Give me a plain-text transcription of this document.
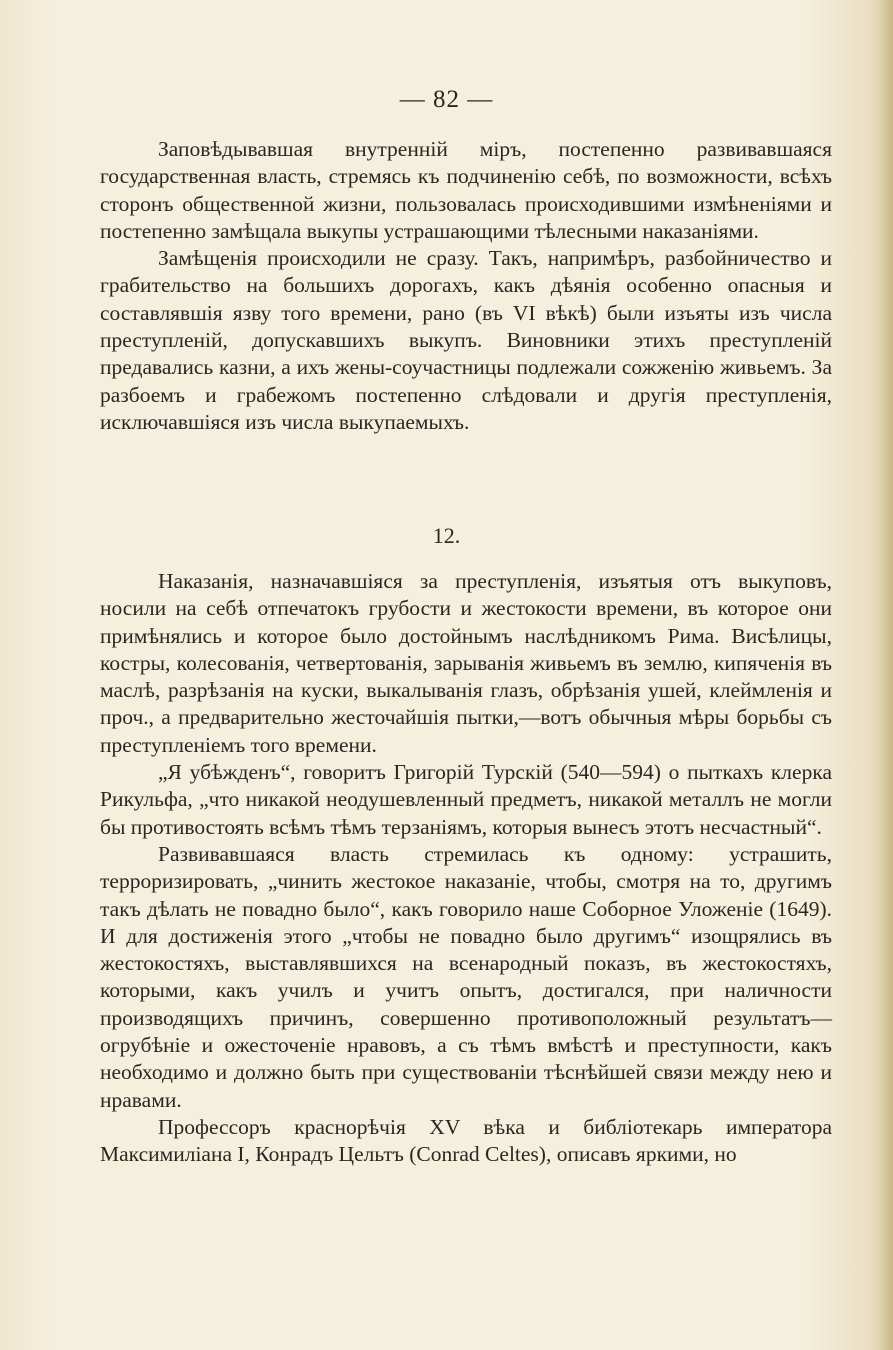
— 82 —

Заповѣдывавшая внутренній міръ, постепенно развивавшаяся государственная власть, стремясь къ подчиненію себѣ, по возможности, всѣхъ сторонъ общественной жизни, пользовалась происходившими измѣненіями и постепенно замѣщала выкупы устрашающими тѣлесными наказаніями.

Замѣщенія происходили не сразу. Такъ, напримѣръ, разбойничество и грабительство на большихъ дорогахъ, какъ дѣянія особенно опасныя и составлявшія язву того времени, рано (въ VI вѣкѣ) были изъяты изъ числа преступленій, допускавшихъ выкупъ. Виновники этихъ преступленій предавались казни, а ихъ жены-соучастницы подлежали сожженію живьемъ. За разбоемъ и грабежомъ постепенно слѣдовали и другія преступленія, исключавшіяся изъ числа выкупаемыхъ.

12.

Наказанія, назначавшіяся за преступленія, изъятыя отъ выкуповъ, носили на себѣ отпечатокъ грубости и жестокости времени, въ которое они примѣнялись и которое было достойнымъ наслѣдникомъ Рима. Висѣлицы, костры, колесованія, четвертованія, зарыванія живьемъ въ землю, кипяченія въ маслѣ, разрѣзанія на куски, выкалыванія глазъ, обрѣзанія ушей, клеймленія и проч., а предварительно жесточайшія пытки,—вотъ обычныя мѣры борьбы съ преступленіемъ того времени.

„Я убѣжденъ“, говоритъ Григорій Турскій (540—594) о пыткахъ клерка Рикульфа, „что никакой неодушевленный предметъ, никакой металлъ не могли бы противостоять всѣмъ тѣмъ терзаніямъ, которыя вынесъ этотъ несчастный“.

Развивавшаяся власть стремилась къ одному: устрашить, терроризировать, „чинить жестокое наказаніе, чтобы, смотря на то, другимъ такъ дѣлать не повадно было“, какъ говорило наше Соборное Уложеніе (1649). И для достиженія этого „чтобы не повадно было другимъ“ изощрялись въ жестокостяхъ, выставлявшихся на всенародный показъ, въ жестокостяхъ, которыми, какъ училъ и учитъ опытъ, достигался, при наличности производящихъ причинъ, совершенно противоположный результатъ—огрубѣніе и ожесточеніе нравовъ, а съ тѣмъ вмѣстѣ и преступности, какъ необходимо и должно быть при существованіи тѣснѣйшей связи между нею и нравами.

Профессоръ краснорѣчія XV вѣка и библіотекарь императора Максимиліана I, Конрадъ Цельтъ (Conrad Celtes), описавъ яркими, но
